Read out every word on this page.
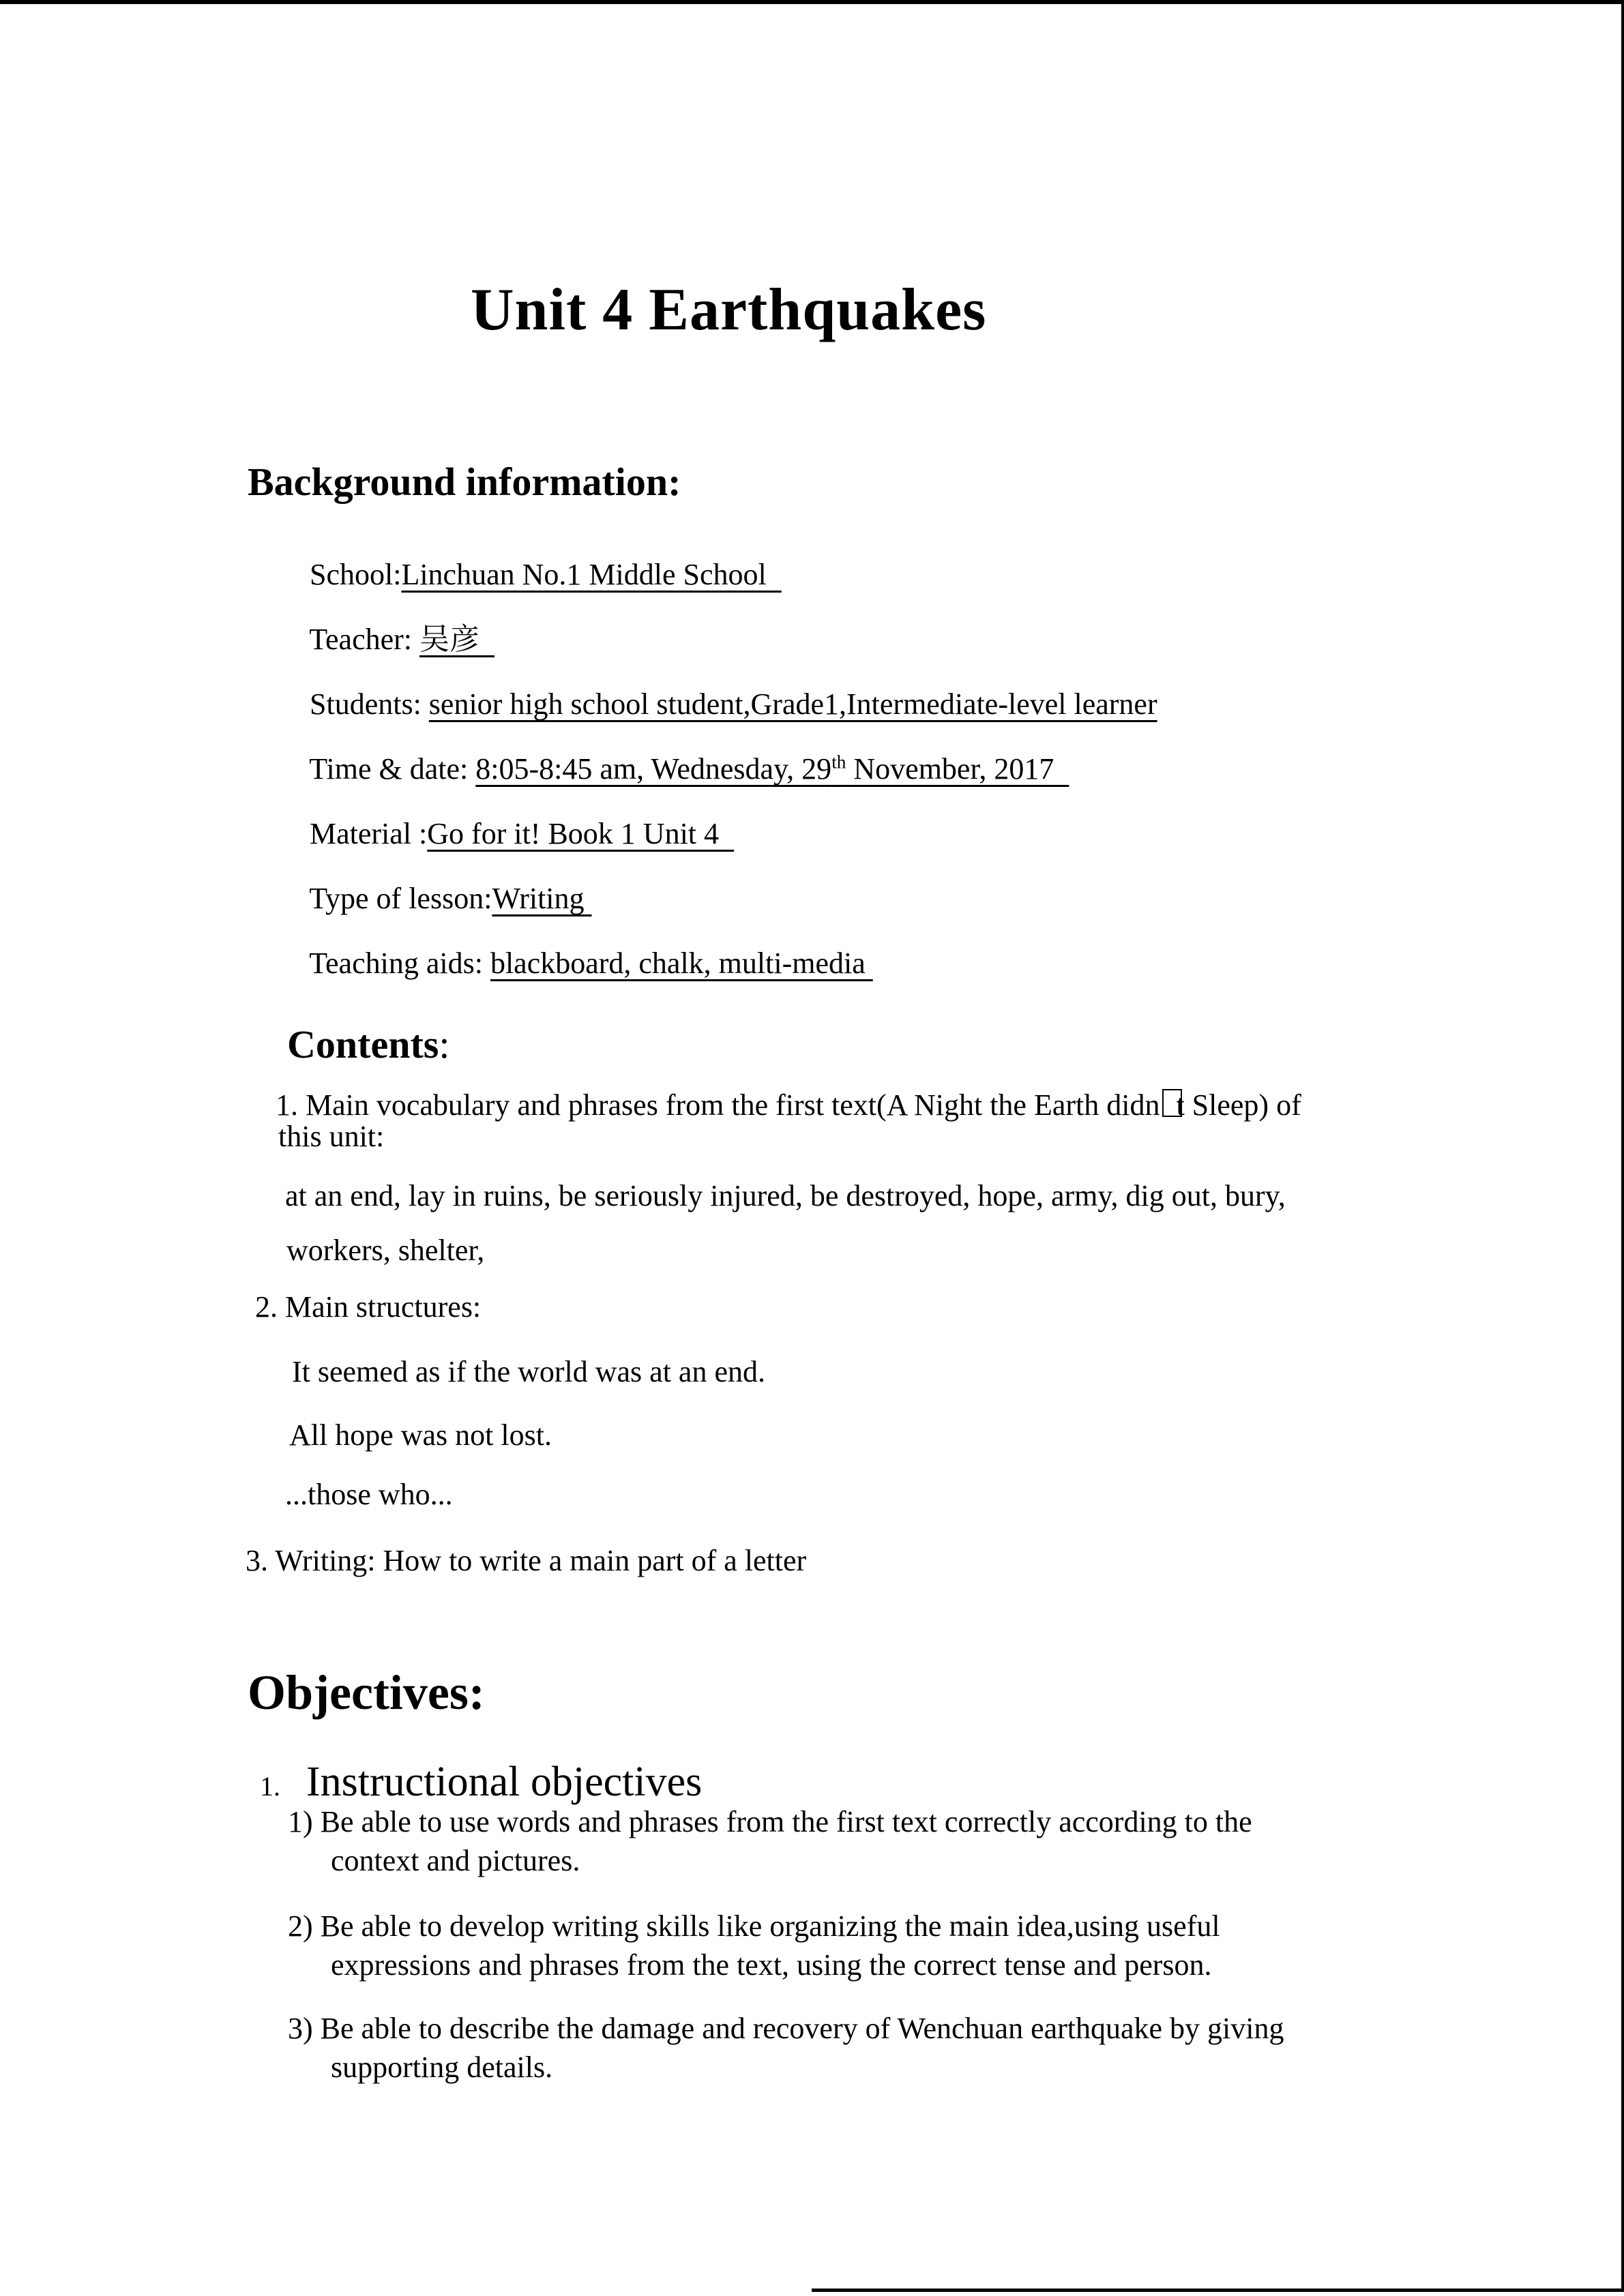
Unit 4 Earthquakes
Background information:

School:Linchuan No.1 Middle School

Teacher: 吴彦

Students: senior high school student,Grade1,Intermediate-level learner

Time & date: 8:05-8:45 am, Wednesday, 29th November, 2017

Material :Go for it! Book 1 Unit 4

Type of lesson:Writing

Teaching aids: blackboard, chalk, multi-media

Contents:

1. Main vocabulary and phrases from the first text(A Night the Earth didn t Sleep) of

this unit:
at an end, lay in ruins, be seriously injured, be destroyed, hope, army, dig out, bury,
workers, shelter,
2. Main structures:
It seemed as if the world was at an end.
All hope was not lost.
...those who...
3. Writing: How to write a main part of a letter
Objectives:

1. Instructional objectives

1) Be able to use words and phrases from the first text correctly according to the
context and pictures.
2) Be able to develop writing skills like organizing the main idea,using useful
expressions and phrases from the text, using the correct tense and person.
3) Be able to describe the damage and recovery of Wenchuan earthquake by giving
supporting details.
